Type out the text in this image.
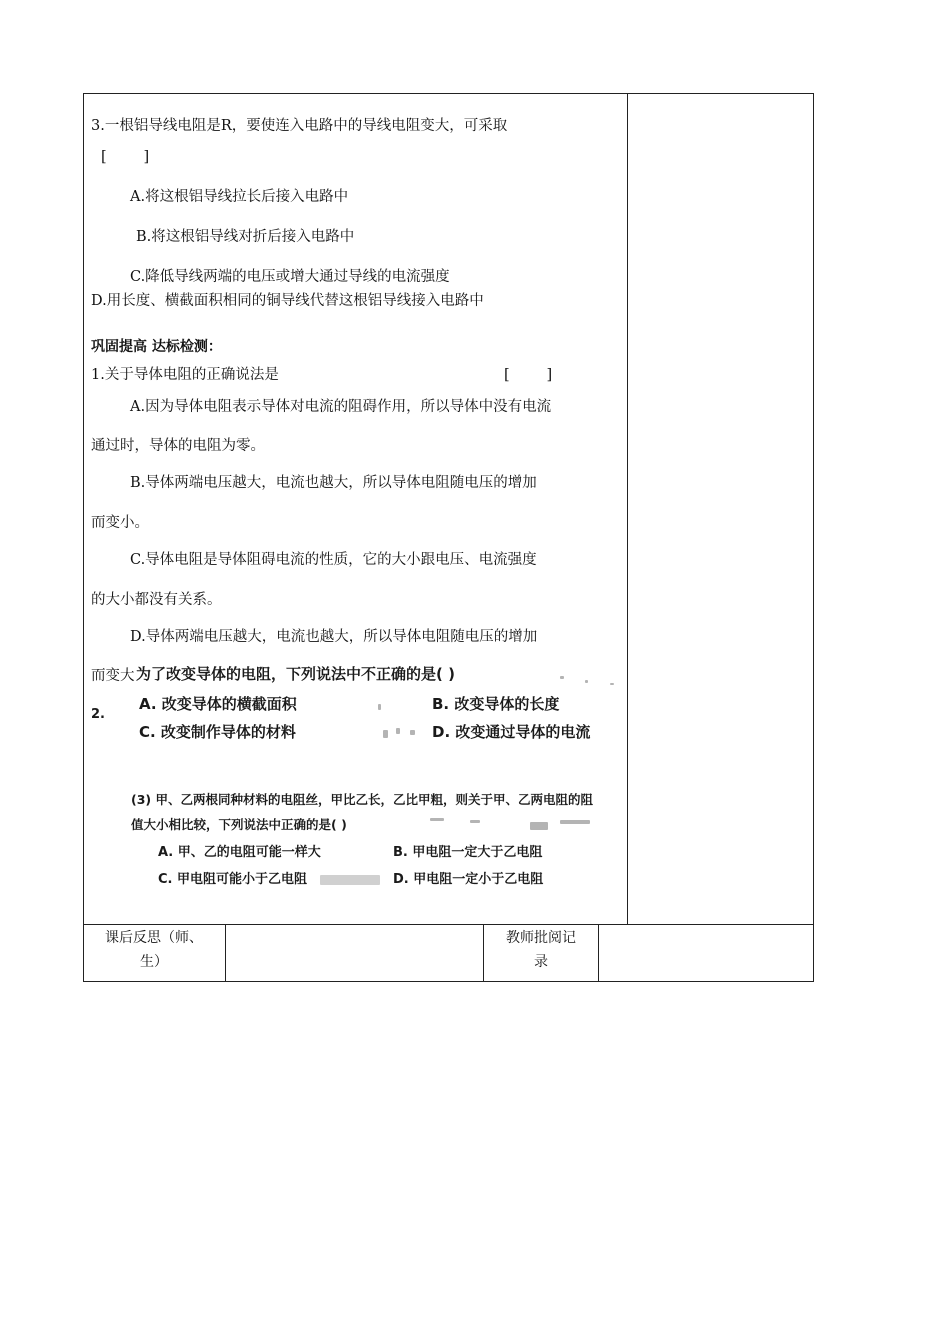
3.一根铝导线电阻是R，要使连入电路中的导线电阻变大，可采取
[        ]
A.将这根铝导线拉长后接入电路中
B.将这根铝导线对折后接入电路中
C.降低导线两端的电压或增大通过导线的电流强度
D.用长度、横截面积相同的铜导线代替这根铝导线接入电路中
巩固提高 达标检测：
1.关于导体电阻的正确说法是	[        ]
A.因为导体电阻表示导体对电流的阻碍作用，所以导体中没有电流
通过时，导体的电阻为零。
B.导体两端电压越大，电流也越大，所以导体电阻随电压的增加
而变小。
C.导体电阻是导体阻碍电流的性质，它的大小跟电压、电流强度
的大小都没有关系。
D.导体两端电压越大，电流也越大，所以导体电阻随电压的增加
而变大 为了改变导体的电阻，下列说法中不正确的是( )
2.
A. 改变导体的横截面积	B. 改变导体的长度
C. 改变制作导体的材料	D. 改变通过导体的电流
(3) 甲、乙两根同种材料的电阻丝，甲比乙长，乙比甲粗，则关于甲、乙两电阻的阻
值大小相比较，下列说法中正确的是( )
A. 甲、乙的电阻可能一样大	B. 甲电阻一定大于乙电阻
C. 甲电阻可能小于乙电阻	D. 甲电阻一定小于乙电阻
课后反思（师、
生）
教师批阅记
录
